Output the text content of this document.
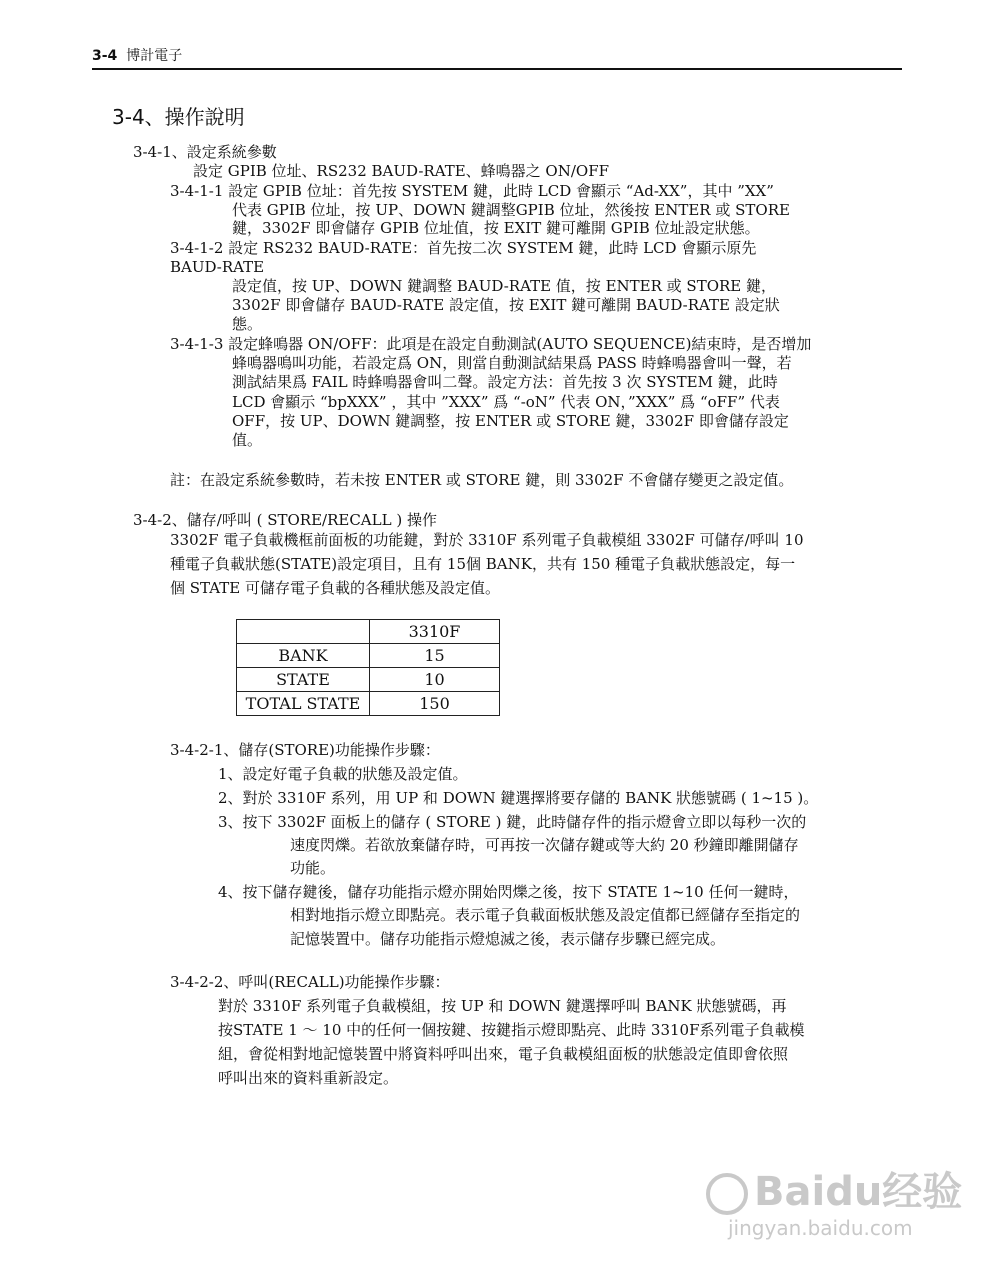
3-4 博計電子
3-4、操作說明
3-4-1、設定系統參數
設定 GPIB 位址、RS232 BAUD-RATE、蜂鳴器之 ON/OFF
3-4-1-1 設定 GPIB 位址：首先按 SYSTEM 鍵，此時 LCD 會顯示 “Ad-XX”，其中 ”XX”
代表 GPIB 位址，按 UP、DOWN 鍵調整GPIB 位址，然後按 ENTER 或 STORE
鍵，3302F 即會儲存 GPIB 位址值，按 EXIT 鍵可離開 GPIB 位址設定狀態。
3-4-1-2 設定 RS232 BAUD-RATE：首先按二次 SYSTEM 鍵，此時 LCD 會顯示原先
BAUD-RATE
設定值，按 UP、DOWN 鍵調整 BAUD-RATE 值，按 ENTER 或 STORE 鍵，
3302F 即會儲存 BAUD-RATE 設定值，按 EXIT 鍵可離開 BAUD-RATE 設定狀
態。
3-4-1-3 設定蜂鳴器 ON/OFF：此項是在設定自動測試(AUTO SEQUENCE)結束時，是否增加
蜂鳴器鳴叫功能，若設定爲 ON，則當自動測試結果爲 PASS 時蜂鳴器會叫一聲，若
測試結果爲 FAIL 時蜂鳴器會叫二聲。設定方法：首先按 3 次 SYSTEM 鍵，此時
LCD 會顯示 “bpXXX” ，其中 ”XXX” 爲 “-oN” 代表 ON，”XXX” 爲 “oFF” 代表
OFF，按 UP、DOWN 鍵調整，按 ENTER 或 STORE 鍵，3302F 即會儲存設定
值。
註：在設定系統參數時，若未按 ENTER 或 STORE 鍵，則 3302F 不會儲存變更之設定值。
3-4-2、儲存/呼叫 ( STORE/RECALL ) 操作
3302F 電子負載機框前面板的功能鍵，對於 3310F 系列電子負載模組 3302F 可儲存/呼叫 10
種電子負載狀態(STATE)設定項目，且有 15個 BANK，共有 150 種電子負載狀態設定，每一
個 STATE 可儲存電子負載的各種狀態及設定值。
	3310F
BANK	15
STATE	10
TOTAL STATE	150
3-4-2-1、儲存(STORE)功能操作步驟：
1、設定好電子負載的狀態及設定值。
2、對於 3310F 系列，用 UP 和 DOWN 鍵選擇將要存儲的 BANK 狀態號碼 ( 1~15 )。
3、按下 3302F 面板上的儲存 ( STORE ) 鍵，此時儲存件的指示燈會立即以每秒一次的
速度閃爍。若欲放棄儲存時，可再按一次儲存鍵或等大約 20 秒鐘即離開儲存
功能。
4、按下儲存鍵後，儲存功能指示燈亦開始閃爍之後，按下 STATE 1~10 任何一鍵時，
相對地指示燈立即點亮。表示電子負載面板狀態及設定值都已經儲存至指定的
記憶裝置中。儲存功能指示燈熄滅之後，表示儲存步驟已經完成。
3-4-2-2、呼叫(RECALL)功能操作步驟：
對於 3310F 系列電子負載模組，按 UP 和 DOWN 鍵選擇呼叫 BANK 狀態號碼，再
按STATE 1 ～ 10 中的任何一個按鍵、按鍵指示燈即點亮、此時 3310F系列電子負載模
組，會從相對地記憶裝置中將資料呼叫出來，電子負載模組面板的狀態設定值即會依照
呼叫出來的資料重新設定。
Baidu经验
jingyan.baidu.com
